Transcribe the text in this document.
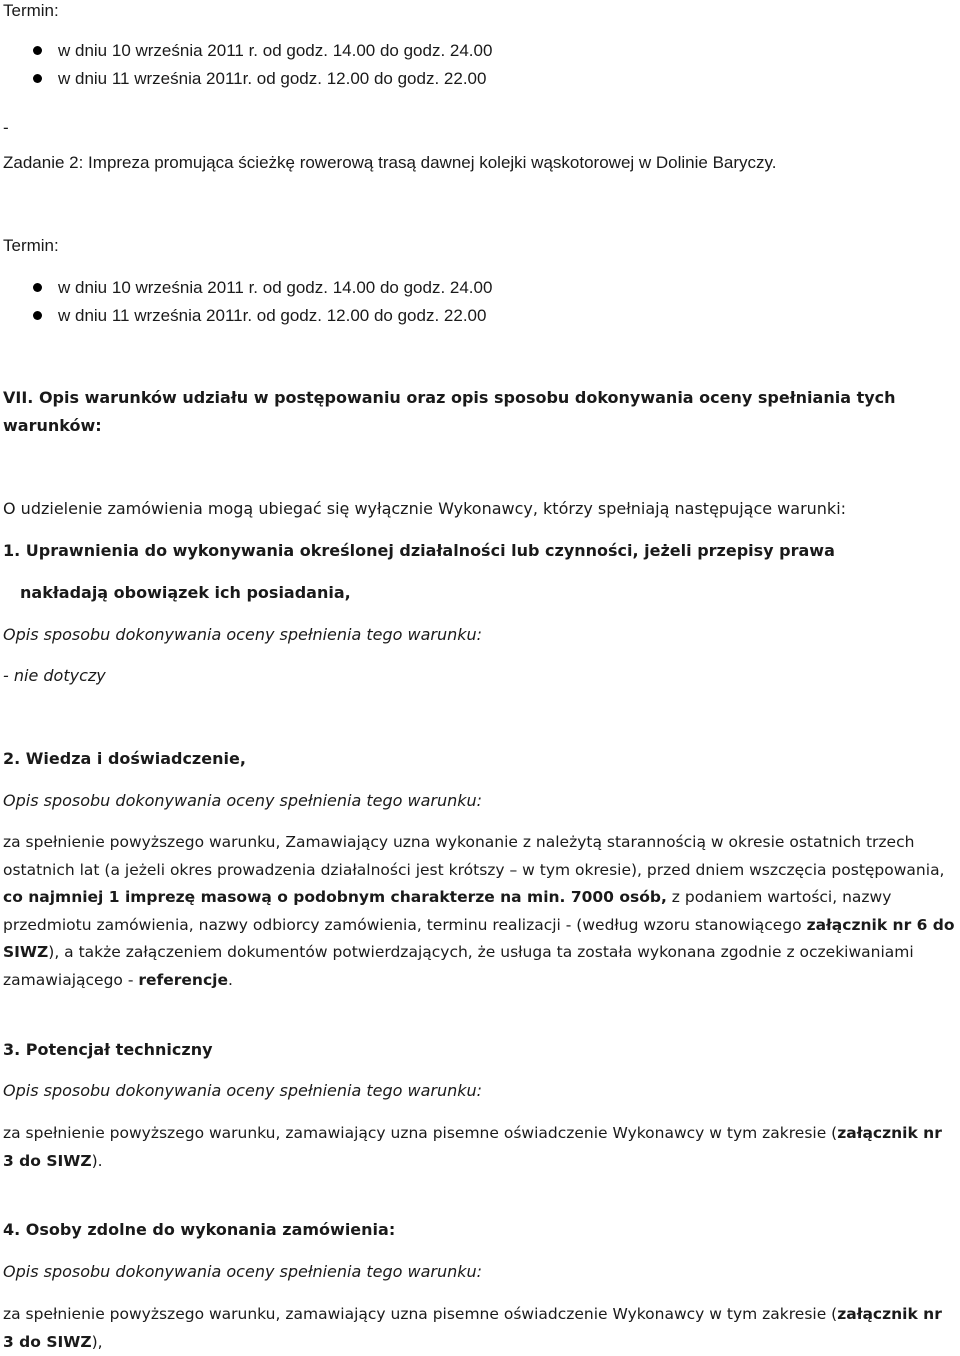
Termin:
w dniu 10 września 2011 r. od godz. 14.00 do godz. 24.00
w dniu 11 września 2011r. od godz. 12.00 do godz. 22.00
-
Zadanie 2: Impreza promująca ścieżkę rowerową trasą dawnej kolejki wąskotorowej w Dolinie Baryczy.
Termin:
w dniu 10 września 2011 r. od godz. 14.00 do godz. 24.00
w dniu 11 września 2011r. od godz. 12.00 do godz. 22.00
VII. Opis warunków udziału w postępowaniu oraz opis sposobu dokonywania oceny spełniania tych
warunków:
O udzielenie zamówienia mogą ubiegać się wyłącznie Wykonawcy, którzy spełniają następujące warunki:
1. Uprawnienia do wykonywania określonej działalności lub czynności, jeżeli przepisy prawa
nakładają obowiązek ich posiadania,
Opis sposobu dokonywania oceny spełnienia tego warunku:
- nie dotyczy
2. Wiedza i doświadczenie,
Opis sposobu dokonywania oceny spełnienia tego warunku:
za spełnienie powyższego warunku, Zamawiający uzna wykonanie z należytą starannością w okresie ostatnich trzech ostatnich lat (a jeżeli okres prowadzenia działalności jest krótszy – w tym okresie), przed dniem wszczęcia postępowania, co najmniej 1 imprezę masową o podobnym charakterze na min. 7000 osób, z podaniem wartości, nazwy przedmiotu zamówienia, nazwy odbiorcy zamówienia, terminu realizacji - (według wzoru stanowiącego załącznik nr 6 do SIWZ), a także załączeniem dokumentów potwierdzających, że usługa ta została wykonana zgodnie z oczekiwaniami zamawiającego - referencje.
3. Potencjał techniczny
Opis sposobu dokonywania oceny spełnienia tego warunku:
za spełnienie powyższego warunku, zamawiający uzna pisemne oświadczenie Wykonawcy w tym zakresie (załącznik nr 3 do SIWZ).
4. Osoby zdolne do wykonania zamówienia:
Opis sposobu dokonywania oceny spełnienia tego warunku:
za spełnienie powyższego warunku, zamawiający uzna pisemne oświadczenie Wykonawcy w tym zakresie (załącznik nr 3 do SIWZ),
